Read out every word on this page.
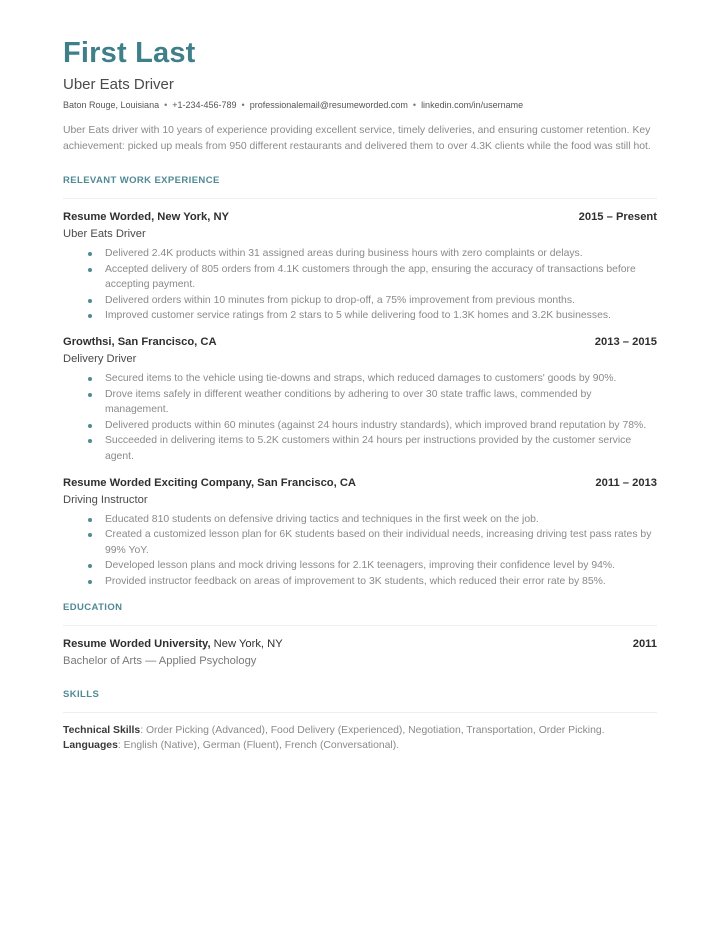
First Last
Uber Eats Driver
Baton Rouge, Louisiana • +1-234-456-789 • professionalemail@resumeworded.com • linkedin.com/in/username
Uber Eats driver with 10 years of experience providing excellent service, timely deliveries, and ensuring customer retention. Key achievement: picked up meals from 950 different restaurants and delivered them to over 4.3K clients while the food was still hot.
RELEVANT WORK EXPERIENCE
Resume Worded, New York, NY	2015 – Present
Uber Eats Driver
Delivered 2.4K products within 31 assigned areas during business hours with zero complaints or delays.
Accepted delivery of 805 orders from 4.1K customers through the app, ensuring the accuracy of transactions before accepting payment.
Delivered orders within 10 minutes from pickup to drop-off, a 75% improvement from previous months.
Improved customer service ratings from 2 stars to 5 while delivering food to 1.3K homes and 3.2K businesses.
Growthsi, San Francisco, CA	2013 – 2015
Delivery Driver
Secured items to the vehicle using tie-downs and straps, which reduced damages to customers' goods by 90%.
Drove items safely in different weather conditions by adhering to over 30 state traffic laws, commended by management.
Delivered products within 60 minutes (against 24 hours industry standards), which improved brand reputation by 78%.
Succeeded in delivering items to 5.2K customers within 24 hours per instructions provided by the customer service agent.
Resume Worded Exciting Company, San Francisco, CA	2011 – 2013
Driving Instructor
Educated 810 students on defensive driving tactics and techniques in the first week on the job.
Created a customized lesson plan for 6K students based on their individual needs, increasing driving test pass rates by 99% YoY.
Developed lesson plans and mock driving lessons for 2.1K teenagers, improving their confidence level by 94%.
Provided instructor feedback on areas of improvement to 3K students, which reduced their error rate by 85%.
EDUCATION
Resume Worded University, New York, NY	2011
Bachelor of Arts — Applied Psychology
SKILLS
Technical Skills: Order Picking (Advanced), Food Delivery (Experienced), Negotiation, Transportation, Order Picking.
Languages: English (Native), German (Fluent), French (Conversational).
